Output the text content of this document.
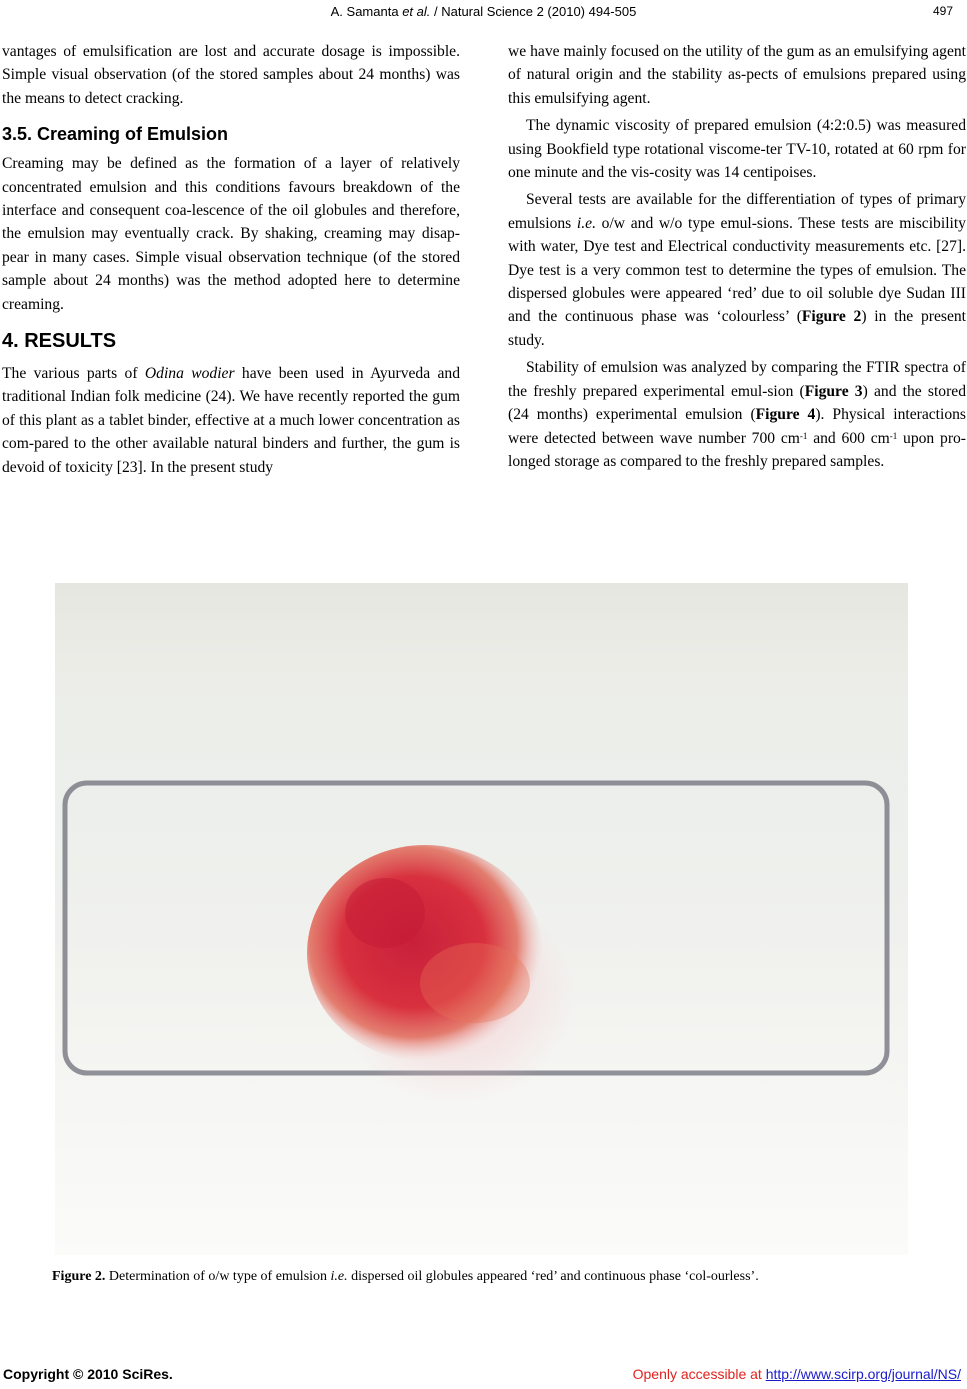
A. Samanta et al. / Natural Science 2 (2010) 494-505	497

vantages of emulsification are lost and accurate dosage is impossible. Simple visual observation (of the stored samples about 24 months) was the means to detect cracking.

3.5. Creaming of Emulsion

Creaming may be defined as the formation of a layer of relatively concentrated emulsion and this conditions favours breakdown of the interface and consequent coa-lescence of the oil globules and therefore, the emulsion may eventually crack. By shaking, creaming may disap-pear in many cases. Simple visual observation technique (of the stored sample about 24 months) was the method adopted here to determine creaming.

4. RESULTS

The various parts of Odina wodier have been used in Ayurveda and traditional Indian folk medicine (24). We have recently reported the gum of this plant as a tablet binder, effective at a much lower concentration as com-pared to the other available natural binders and further, the gum is devoid of toxicity [23]. In the present study

we have mainly focused on the utility of the gum as an emulsifying agent of natural origin and the stability as-pects of emulsions prepared using this emulsifying agent.

The dynamic viscosity of prepared emulsion (4:2:0.5) was measured using Bookfield type rotational viscome-ter TV-10, rotated at 60 rpm for one minute and the vis-cosity was 14 centipoises.

Several tests are available for the differentiation of types of primary emulsions i.e. o/w and w/o type emul-sions. These tests are miscibility with water, Dye test and Electrical conductivity measurements etc. [27]. Dye test is a very common test to determine the types of emulsion. The dispersed globules were appeared ‘red’ due to oil soluble dye Sudan III and the continuous phase was ‘colourless’ (Figure 2) in the present study.

Stability of emulsion was analyzed by comparing the FTIR spectra of the freshly prepared experimental emul-sion (Figure 3) and the stored (24 months) experimental emulsion (Figure 4). Physical interactions were detected between wave number 700 $cm^{-1}$ and 600 $cm^{-1}$ upon pro-longed storage as compared to the freshly prepared samples.

Figure 2. Determination of o/w type of emulsion i.e. dispersed oil globules appeared ‘red’ and continuous phase ‘col-ourless’.
Copyright © 2010 SciRes.	Openly accessible at http://www.scirp.org/journal/NS/
